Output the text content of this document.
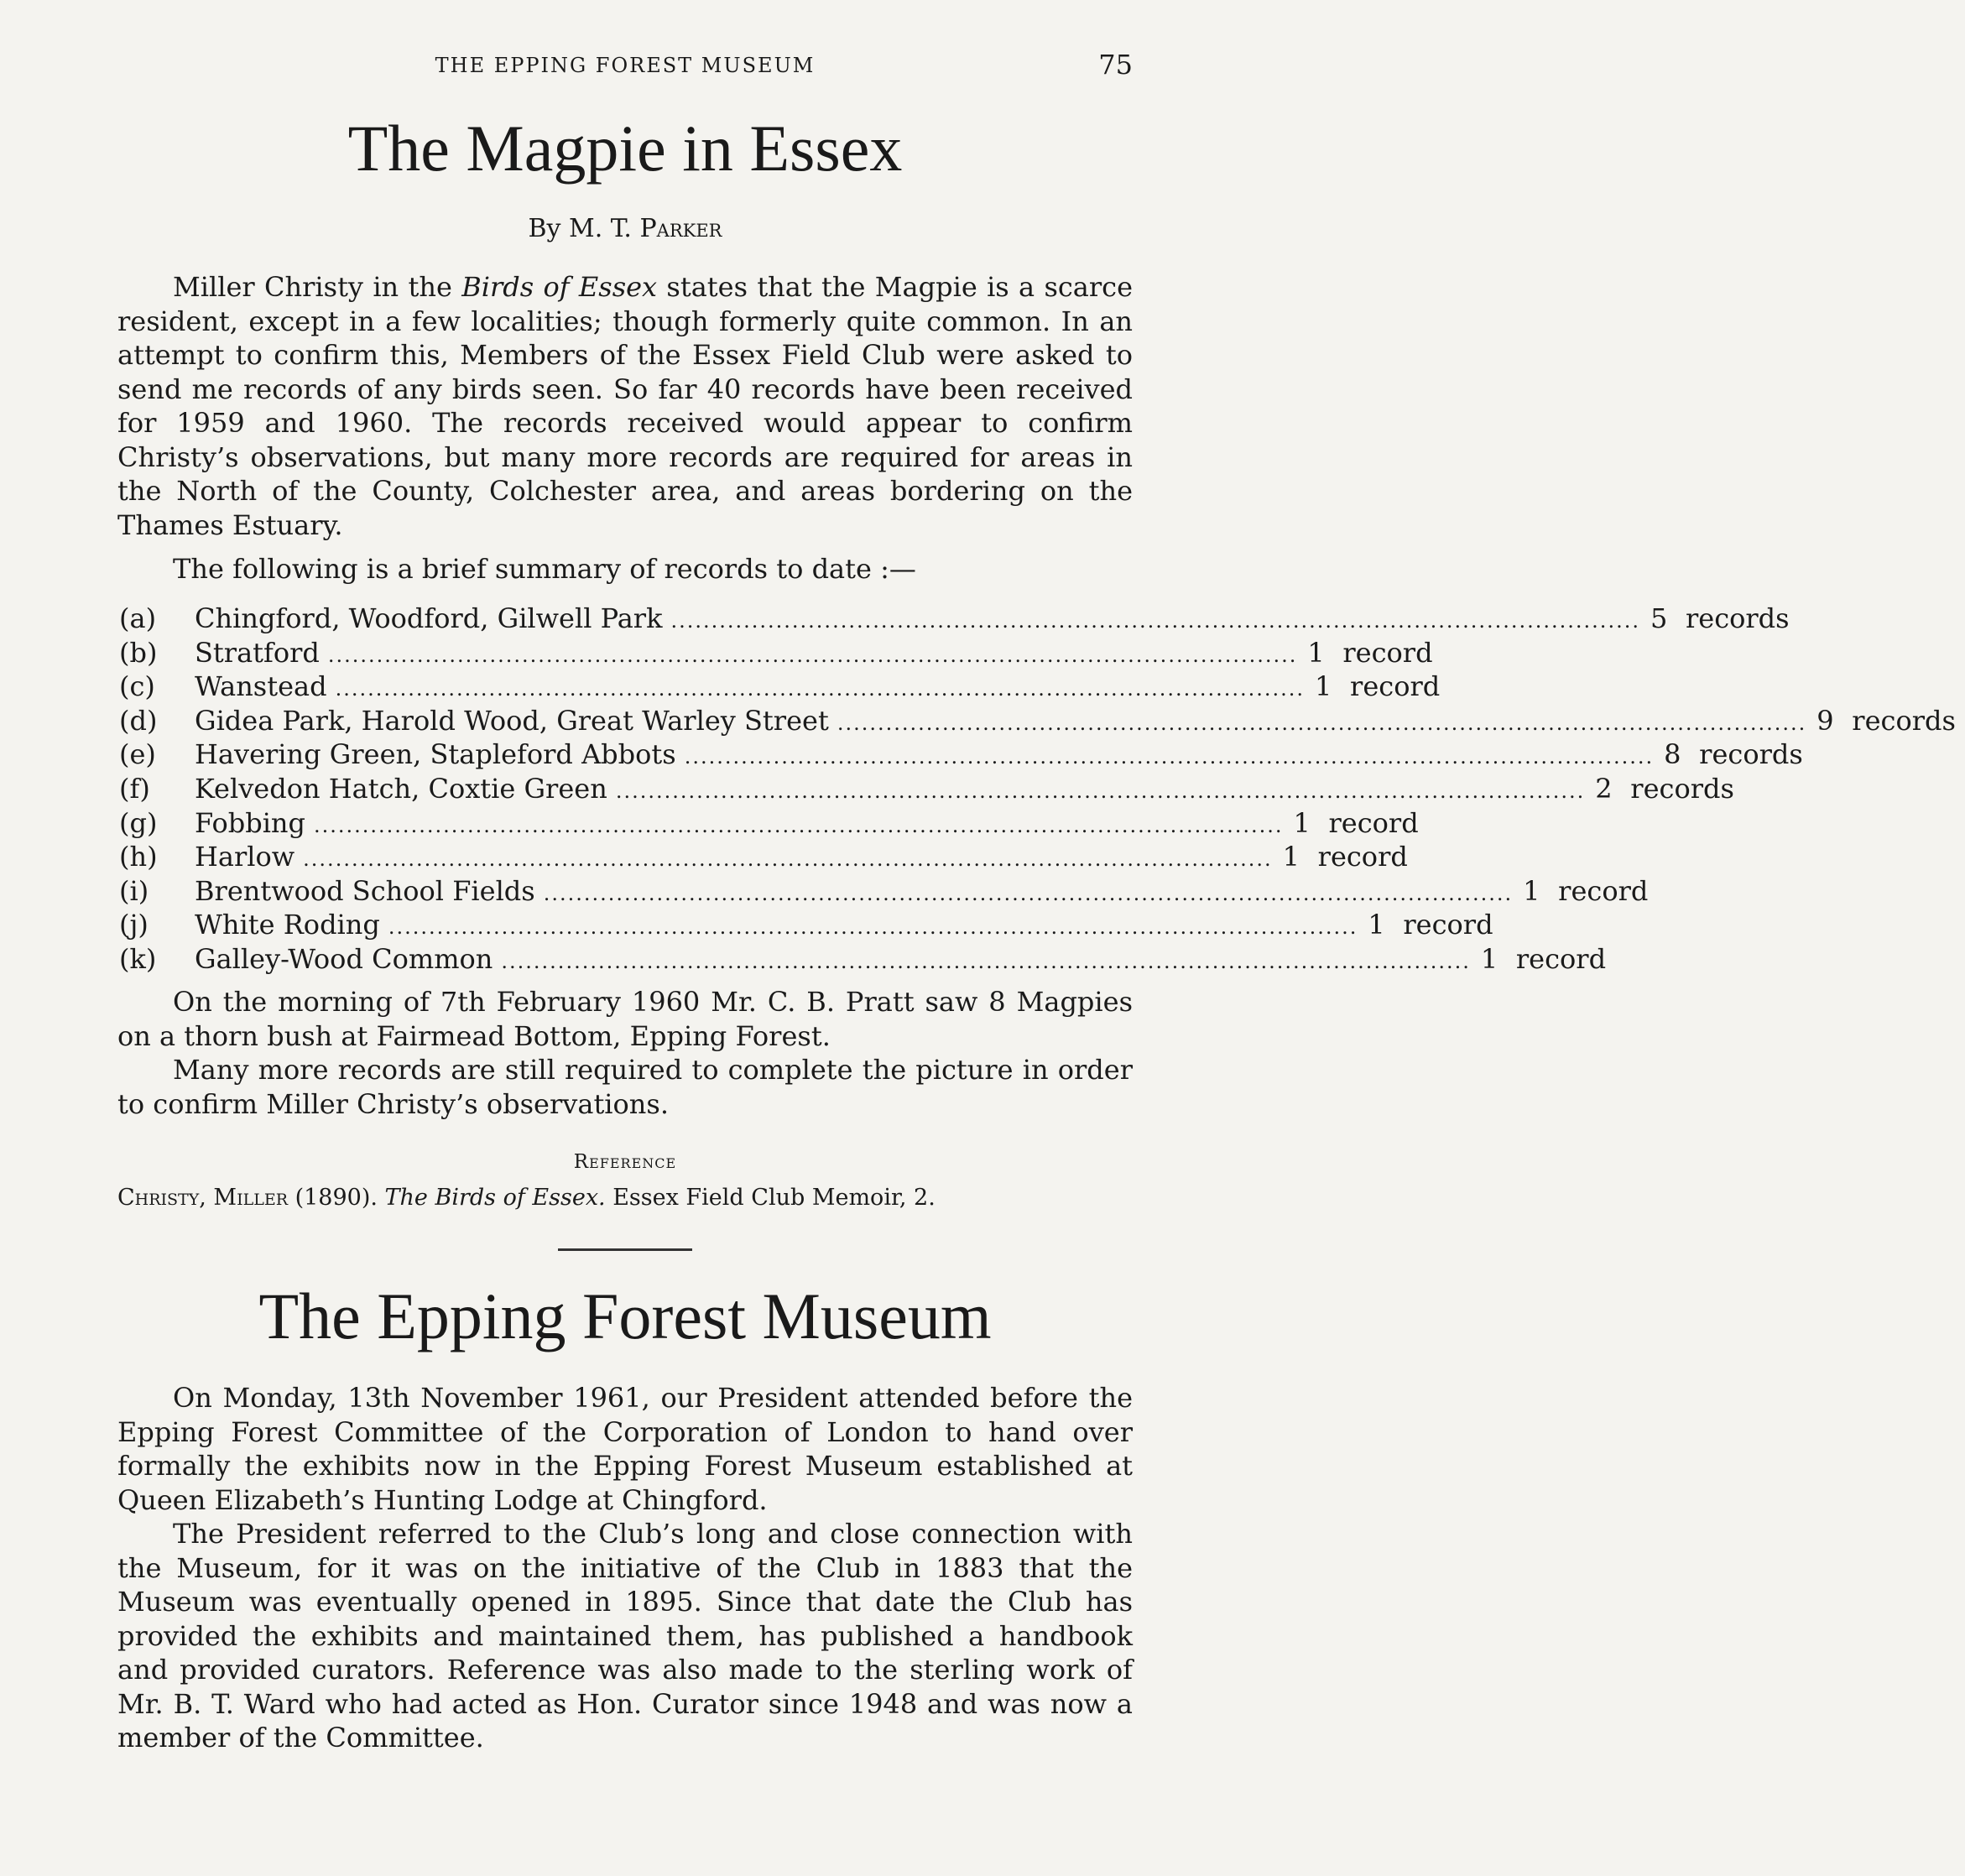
THE EPPING FOREST MUSEUM	75
The Magpie in Essex
By M. T. Parker

Miller Christy in the Birds of Essex states that the Magpie is a scarce resident, except in a few localities; though formerly quite common. In an attempt to confirm this, Members of the Essex Field Club were asked to send me records of any birds seen. So far 40 records have been received for 1959 and 1960. The records received would appear to confirm Christy’s observations, but many more records are required for areas in the North of the County, Colchester area, and areas bordering on the Thames Estuary.

The following is a brief summary of records to date :—
(a)	Chingford, Woodford, Gilwell Park ........................................................................................................................ 5 records
(b)	Stratford ........................................................................................................................ 1 record
(c)	Wanstead ........................................................................................................................ 1 record
(d)	Gidea Park, Harold Wood, Great Warley Street ........................................................................................................................ 9 records
(e)	Havering Green, Stapleford Abbots ........................................................................................................................ 8 records
(f)	Kelvedon Hatch, Coxtie Green ........................................................................................................................ 2 records
(g)	Fobbing ........................................................................................................................ 1 record
(h)	Harlow ........................................................................................................................ 1 record
(i)	Brentwood School Fields ........................................................................................................................ 1 record
(j)	White Roding ........................................................................................................................ 1 record
(k)	Galley-Wood Common ........................................................................................................................ 1 record

On the morning of 7th February 1960 Mr. C. B. Pratt saw 8 Magpies on a thorn bush at Fairmead Bottom, Epping Forest.

Many more records are still required to complete the picture in order to confirm Miller Christy’s observations.

Reference
Christy, Miller (1890). The Birds of Essex. Essex Field Club Memoir, 2.
The Epping Forest Museum

On Monday, 13th November 1961, our President attended before the Epping Forest Committee of the Corporation of London to hand over formally the exhibits now in the Epping Forest Museum established at Queen Elizabeth’s Hunting Lodge at Chingford.

The President referred to the Club’s long and close connection with the Museum, for it was on the initiative of the Club in 1883 that the Museum was eventually opened in 1895. Since that date the Club has provided the exhibits and maintained them, has published a handbook and provided curators. Reference was also made to the sterling work of Mr. B. T. Ward who had acted as Hon. Curator since 1948 and was now a member of the Committee.
